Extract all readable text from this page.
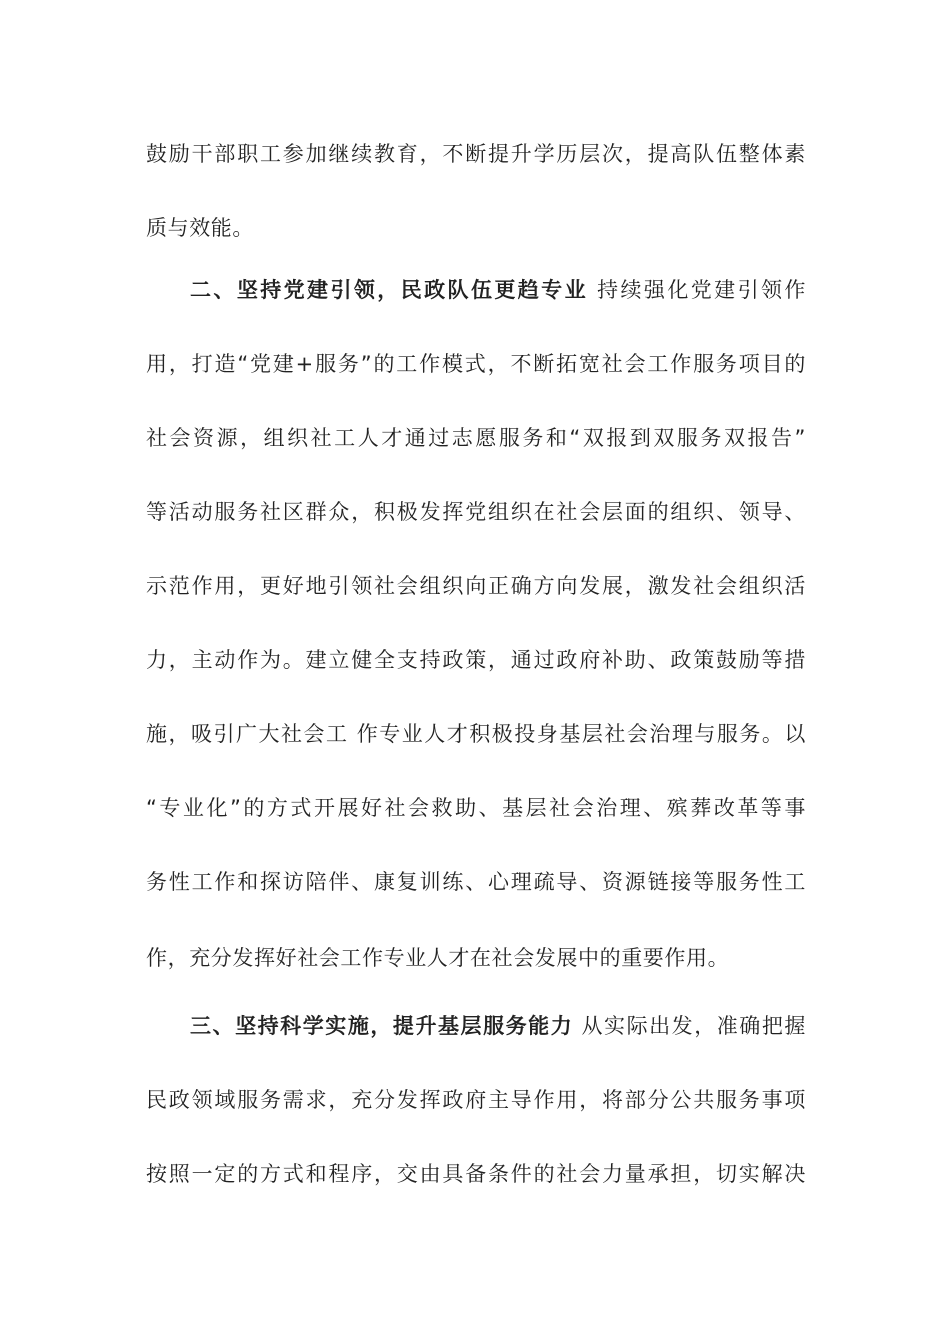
鼓励干部职工参加继续教育，不断提升学历层次，提高队伍整体素
质与效能。
二、坚持党建引领，民政队伍更趋专业 持续强化党建引领作
用，打造“党建+服务”的工作模式，不断拓宽社会工作服务项目的
社会资源，组织社工人才通过志愿服务和“双报到双服务双报告”
等活动服务社区群众，积极发挥党组织在社会层面的组织、领导、
示范作用，更好地引领社会组织向正确方向发展，激发社会组织活
力，主动作为。建立健全支持政策，通过政府补助、政策鼓励等措
施，吸引广大社会工 作专业人才积极投身基层社会治理与服务。以
“专业化”的方式开展好社会救助、基层社会治理、殡葬改革等事
务性工作和探访陪伴、康复训练、心理疏导、资源链接等服务性工
作，充分发挥好社会工作专业人才在社会发展中的重要作用。
三、坚持科学实施，提升基层服务能力 从实际出发，准确把握
民政领域服务需求，充分发挥政府主导作用，将部分公共服务事项
按照一定的方式和程序，交由具备条件的社会力量承担，切实解决
